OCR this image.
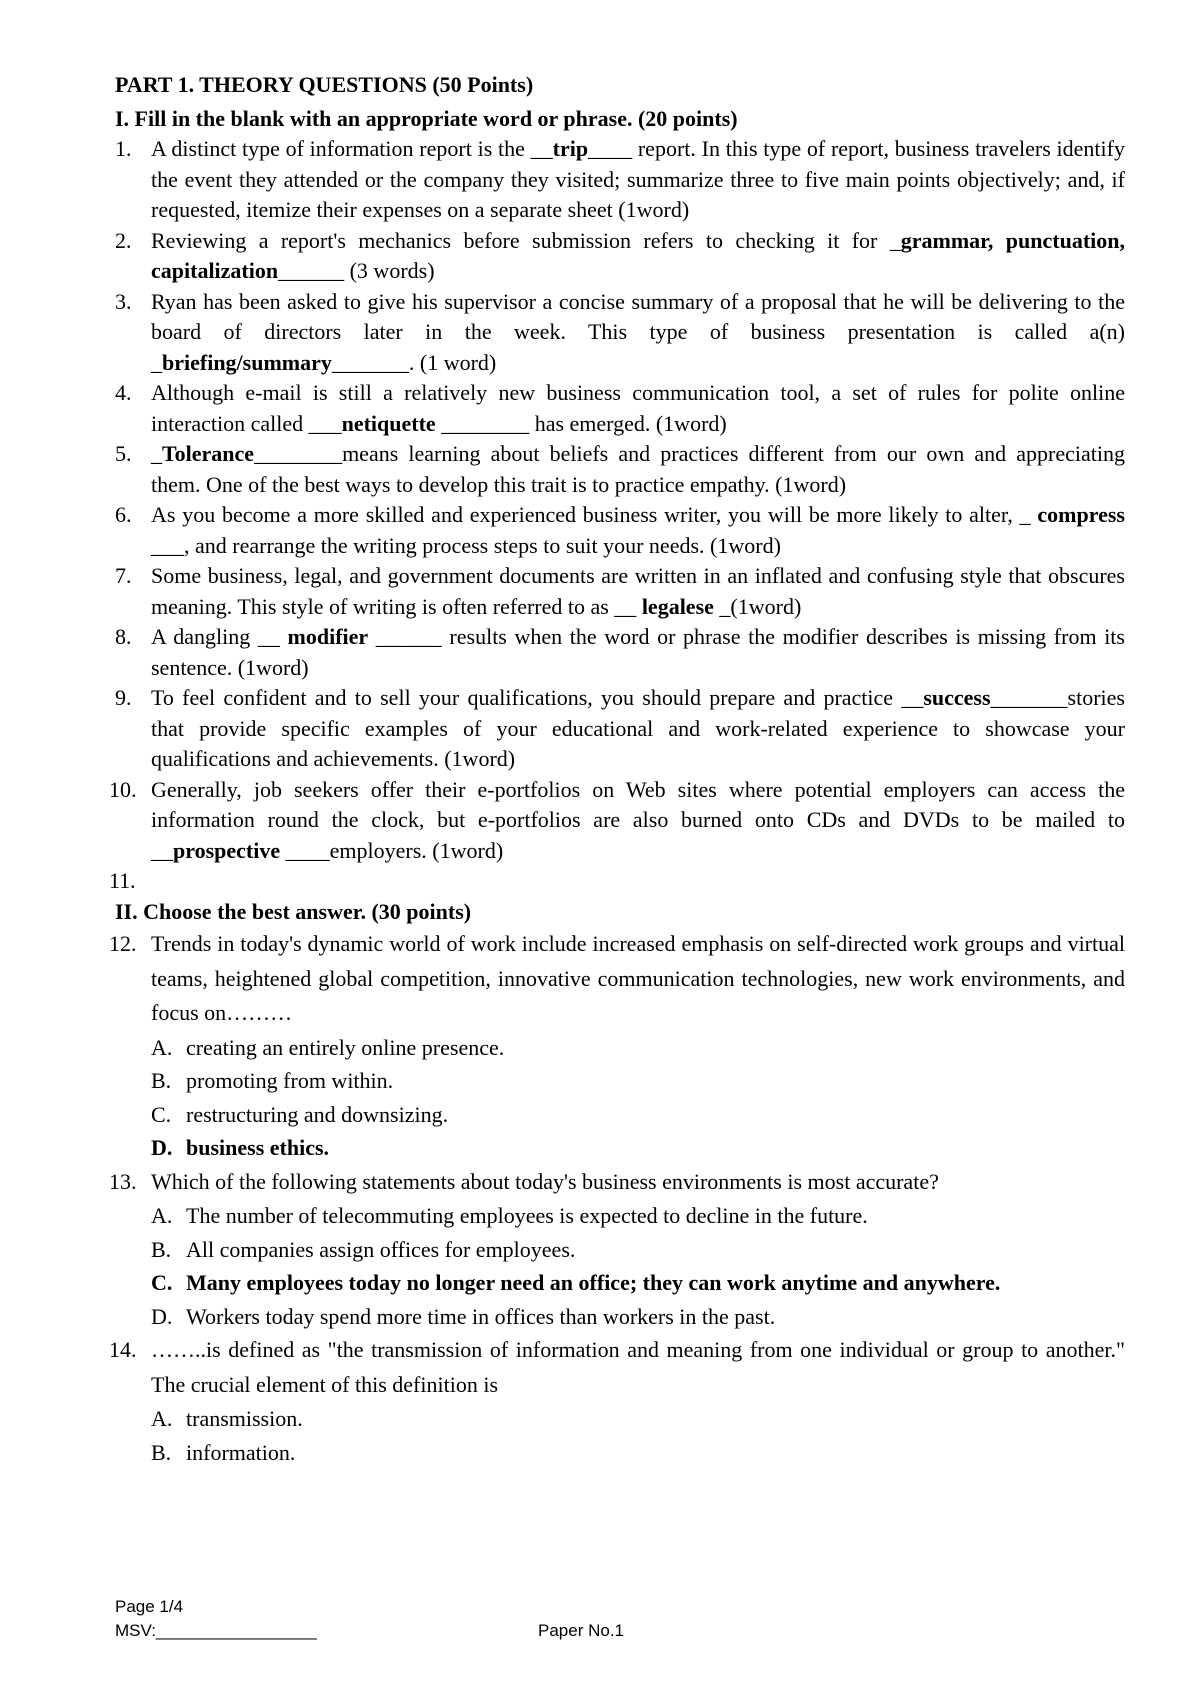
PART 1. THEORY QUESTIONS (50 Points)

I. Fill in the blank with an appropriate word or phrase. (20 points)

1. A distinct type of information report is the __trip____ report. In this type of report, business travelers identify the event they attended or the company they visited; summarize three to five main points objectively; and, if requested, itemize their expenses on a separate sheet (1word)
2. Reviewing a report's mechanics before submission refers to checking it for _grammar, punctuation, capitalization______ (3 words)
3. Ryan has been asked to give his supervisor a concise summary of a proposal that he will be delivering to the board of directors later in the week. This type of business presentation is called a(n) _briefing/summary_______. (1 word)
4. Although e-mail is still a relatively new business communication tool, a set of rules for polite online interaction called ___netiquette ________ has emerged. (1word)
5. _Tolerance________means learning about beliefs and practices different from our own and appreciating them. One of the best ways to develop this trait is to practice empathy. (1word)
6. As you become a more skilled and experienced business writer, you will be more likely to alter, _ compress ___, and rearrange the writing process steps to suit your needs. (1word)
7. Some business, legal, and government documents are written in an inflated and confusing style that obscures meaning. This style of writing is often referred to as __ legalese _(1word)
8. A dangling __ modifier ______ results when the word or phrase the modifier describes is missing from its sentence. (1word)
9. To feel confident and to sell your qualifications, you should prepare and practice __success_______stories that provide specific examples of your educational and work-related experience to showcase your qualifications and achievements. (1word)
10. Generally, job seekers offer their e-portfolios on Web sites where potential employers can access the information round the clock, but e-portfolios are also burned onto CDs and DVDs to be mailed to __prospective ____employers. (1word)
11.

II. Choose the best answer. (30 points)

12. Trends in today's dynamic world of work include increased emphasis on self-directed work groups and virtual teams, heightened global competition, innovative communication technologies, new work environments, and focus on………
A. creating an entirely online presence.
B. promoting from within.
C. restructuring and downsizing.
D. business ethics.
13. Which of the following statements about today's business environments is most accurate?
A. The number of telecommuting employees is expected to decline in the future.
B. All companies assign offices for employees.
C. Many employees today no longer need an office; they can work anytime and anywhere.
D. Workers today spend more time in offices than workers in the past.
14. ……..is defined as "the transmission of information and meaning from one individual or group to another." The crucial element of this definition is
A. transmission.
B. information.
Page 1/4
MSV:_________________	Paper No.1
